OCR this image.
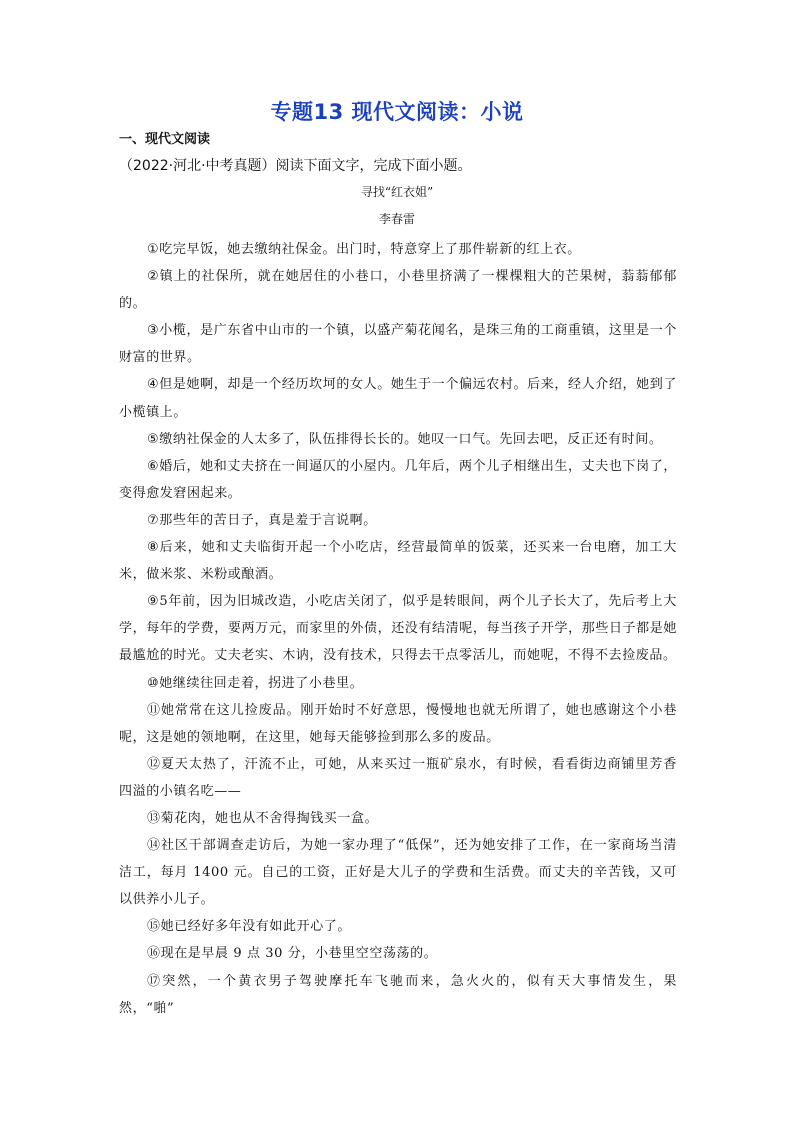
专题13 现代文阅读：小说
一、现代文阅读
（2022·河北·中考真题）阅读下面文字，完成下面小题。
寻找“红衣姐”
李春雷

①吃完早饭，她去缴纳社保金。出门时，特意穿上了那件崭新的红上衣。

②镇上的社保所，就在她居住的小巷口，小巷里挤满了一棵棵粗大的芒果树，蓊蓊郁郁的。

③小榄，是广东省中山市的一个镇，以盛产菊花闻名，是珠三角的工商重镇，这里是一个财富的世界。

④但是她啊，却是一个经历坎坷的女人。她生于一个偏远农村。后来，经人介绍，她到了小榄镇上。

⑤缴纳社保金的人太多了，队伍排得长长的。她叹一口气。先回去吧，反正还有时间。

⑥婚后，她和丈夫挤在一间逼仄的小屋内。几年后，两个儿子相继出生，丈夫也下岗了，变得愈发窘困起来。

⑦那些年的苦日子，真是羞于言说啊。

⑧后来，她和丈夫临街开起一个小吃店，经营最简单的饭菜，还买来一台电磨，加工大米，做米浆、米粉或酿酒。

⑨5年前，因为旧城改造，小吃店关闭了，似乎是转眼间，两个儿子长大了，先后考上大学，每年的学费，要两万元，而家里的外债，还没有结清呢，每当孩子开学，那些日子都是她最尴尬的时光。丈夫老实、木讷，没有技术，只得去干点零活儿，而她呢，不得不去捡废品。

⑩她继续往回走着，拐进了小巷里。

⑪她常常在这儿捡废品。刚开始时不好意思，慢慢地也就无所谓了，她也感谢这个小巷呢，这是她的领地啊，在这里，她每天能够捡到那么多的废品。

⑫夏天太热了，汗流不止，可她，从来买过一瓶矿泉水，有时候，看看街边商铺里芳香四溢的小镇名吃——

⑬菊花肉，她也从不舍得掏钱买一盒。

⑭社区干部调查走访后，为她一家办理了“低保”，还为她安排了工作，在一家商场当清洁工，每月 1400 元。自己的工资，正好是大儿子的学费和生活费。而丈夫的辛苦钱，又可以供养小儿子。

⑮她已经好多年没有如此开心了。

⑯现在是早晨 9 点 30 分，小巷里空空荡荡的。

⑰突然，一个黄衣男子驾驶摩托车飞驰而来，急火火的，似有天大事情发生，果然，“啪”
